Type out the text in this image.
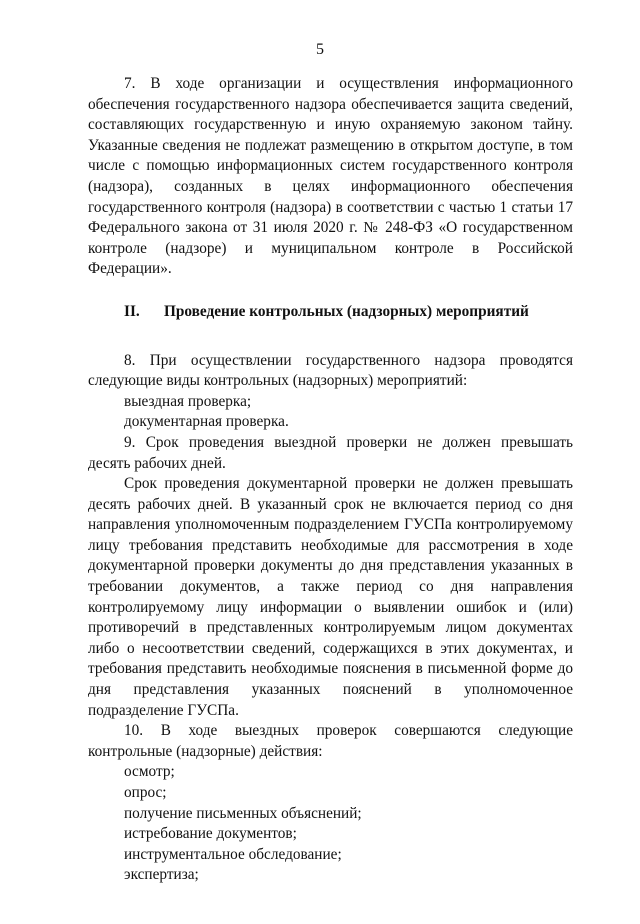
5

7. В ходе организации и осуществления информационного обеспечения государственного надзора обеспечивается защита сведений, составляющих государственную и иную охраняемую законом тайну. Указанные сведения не подлежат размещению в открытом доступе, в том числе с помощью информационных систем государственного контроля (надзора), созданных в целях информационного обеспечения государственного контроля (надзора) в соответствии с частью 1 статьи 17 Федерального закона от 31 июля 2020 г. № 248-ФЗ «О государственном контроле (надзоре) и муниципальном контроле в Российской Федерации».

II. Проведение контрольных (надзорных) мероприятий

8. При осуществлении государственного надзора проводятся следующие виды контрольных (надзорных) мероприятий:

выездная проверка;

документарная проверка.

9. Срок проведения выездной проверки не должен превышать десять рабочих дней.

Срок проведения документарной проверки не должен превышать десять рабочих дней. В указанный срок не включается период со дня направления уполномоченным подразделением ГУСПа контролируемому лицу требования представить необходимые для рассмотрения в ходе документарной проверки документы до дня представления указанных в требовании документов, а также период со дня направления контролируемому лицу информации о выявлении ошибок и (или) противоречий в представленных контролируемым лицом документах либо о несоответствии сведений, содержащихся в этих документах, и требования представить необходимые пояснения в письменной форме до дня представления указанных пояснений в уполномоченное подразделение ГУСПа.

10. В ходе выездных проверок совершаются следующие контрольные (надзорные) действия:

осмотр;

опрос;

получение письменных объяснений;

истребование документов;

инструментальное обследование;

экспертиза;
